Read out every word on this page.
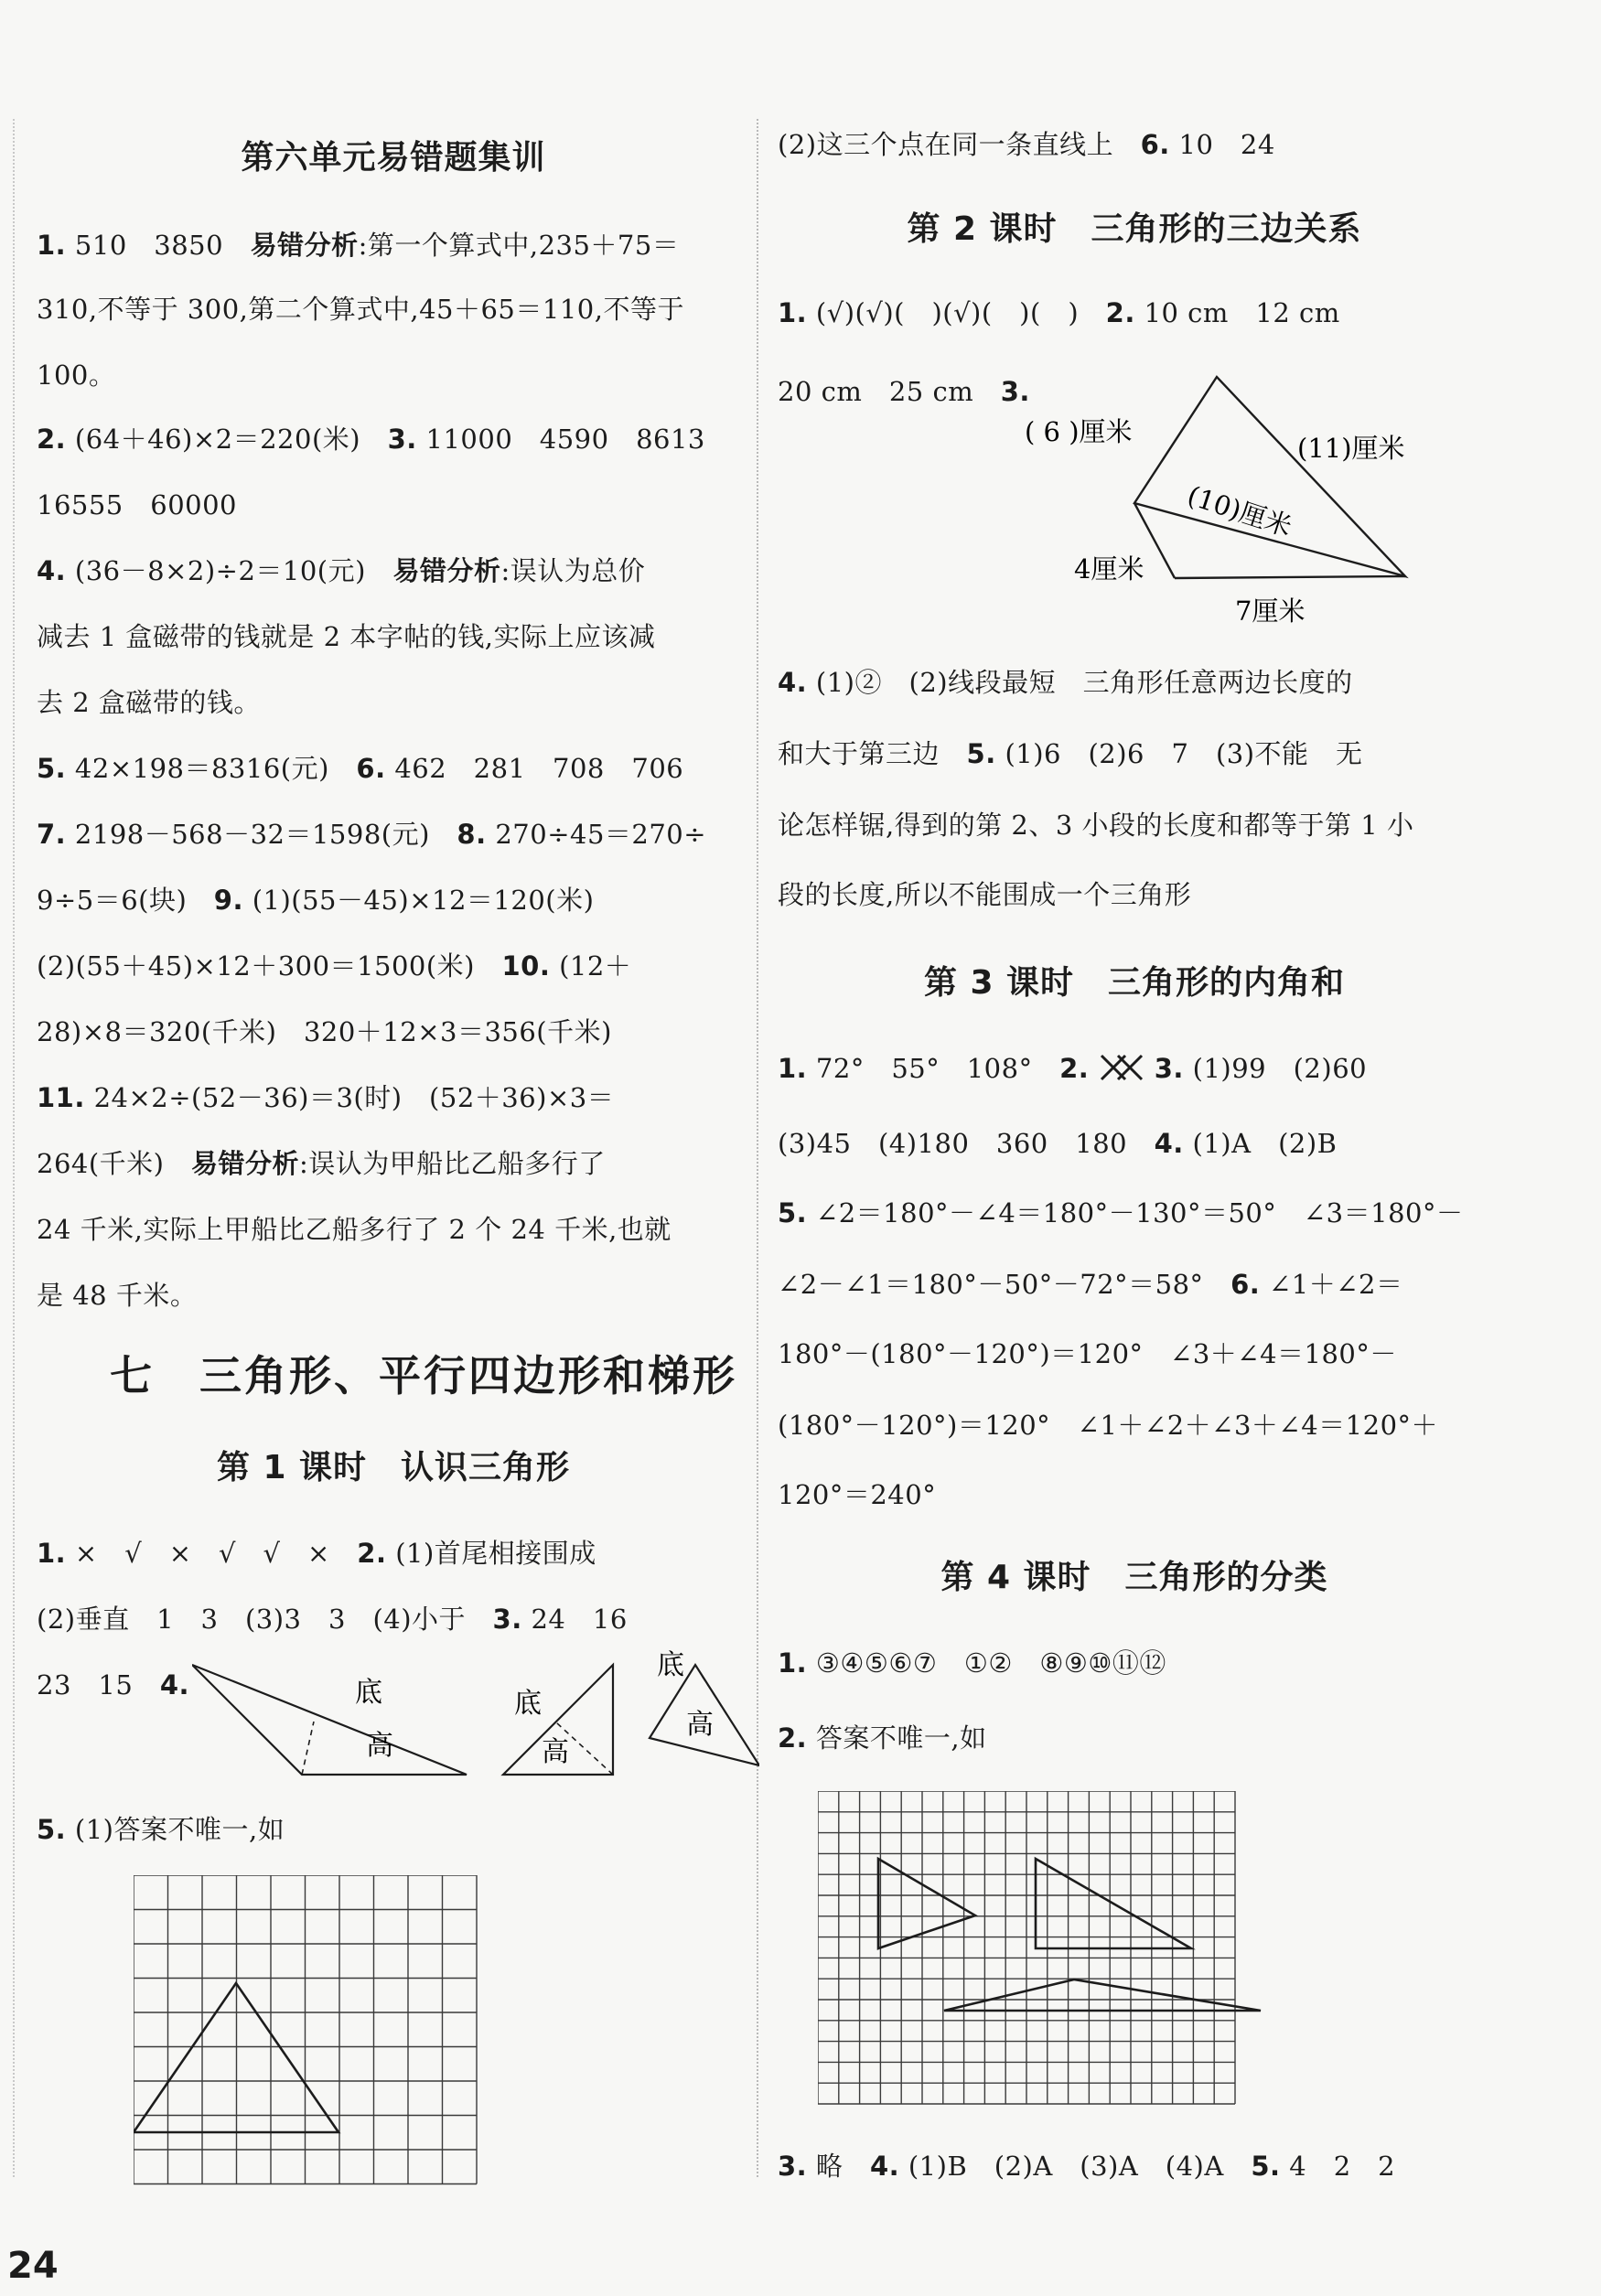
第六单元易错题集训
1. 510　3850　易错分析:第一个算式中,235＋75＝
310,不等于 300,第二个算式中,45＋65＝110,不等于
100。
2. (64＋46)×2＝220(米)　3. 11000　4590　8613
16555　60000
4. (36－8×2)÷2＝10(元)　易错分析:误认为总价
减去 1 盒磁带的钱就是 2 本字帖的钱,实际上应该减
去 2 盒磁带的钱。
5. 42×198＝8316(元)　6. 462　281　708　706
7. 2198－568－32＝1598(元)　8. 270÷45＝270÷
9÷5＝6(块)　9. (1)(55－45)×12＝120(米)
(2)(55＋45)×12＋300＝1500(米)　10. (12＋
28)×8＝320(千米)　320＋12×3＝356(千米)
11. 24×2÷(52－36)＝3(时)　(52＋36)×3＝
264(千米)　易错分析:误认为甲船比乙船多行了
24 千米,实际上甲船比乙船多行了 2 个 24 千米,也就
是 48 千米。
七　三角形、平行四边形和梯形
第 1 课时　认识三角形
1. ×　√　×　√　√　×　2. (1)首尾相接围成
(2)垂直　1　3　(3)3　3　(4)小于　3. 24　16
23　15　4.	底
高
底
高
底
高
5. (1)答案不唯一,如
24
(2)这三个点在同一条直线上　6. 10　24
第 2 课时　三角形的三边关系
1. (√)(√)(　)(√)(　)(　)　2. 10 cm　12 cm
20 cm　25 cm　3.
( 6 )厘米
(11)厘米
(10)厘米
4厘米
7厘米
4. (1)②　(2)线段最短　三角形任意两边长度的
和大于第三边　5. (1)6　(2)6　7　(3)不能　无
论怎样锯,得到的第 2、3 小段的长度和都等于第 1 小
段的长度,所以不能围成一个三角形
第 3 课时　三角形的内角和
1. 72°　55°　108°　2. 3. (1)99　(2)60
(3)45　(4)180　360　180　4. (1)A　(2)B
5. ∠2＝180°－∠4＝180°－130°＝50°　∠3＝180°－
∠2－∠1＝180°－50°－72°＝58°　6. ∠1＋∠2＝
180°－(180°－120°)＝120°　∠3＋∠4＝180°－
(180°－120°)＝120°　∠1＋∠2＋∠3＋∠4＝120°＋
120°＝240°
第 4 课时　三角形的分类
1. ③④⑤⑥⑦　①②　⑧⑨⑩⑪⑫
2. 答案不唯一,如
3. 略　4. (1)B　(2)A　(3)A　(4)A　5. 4　2　2
